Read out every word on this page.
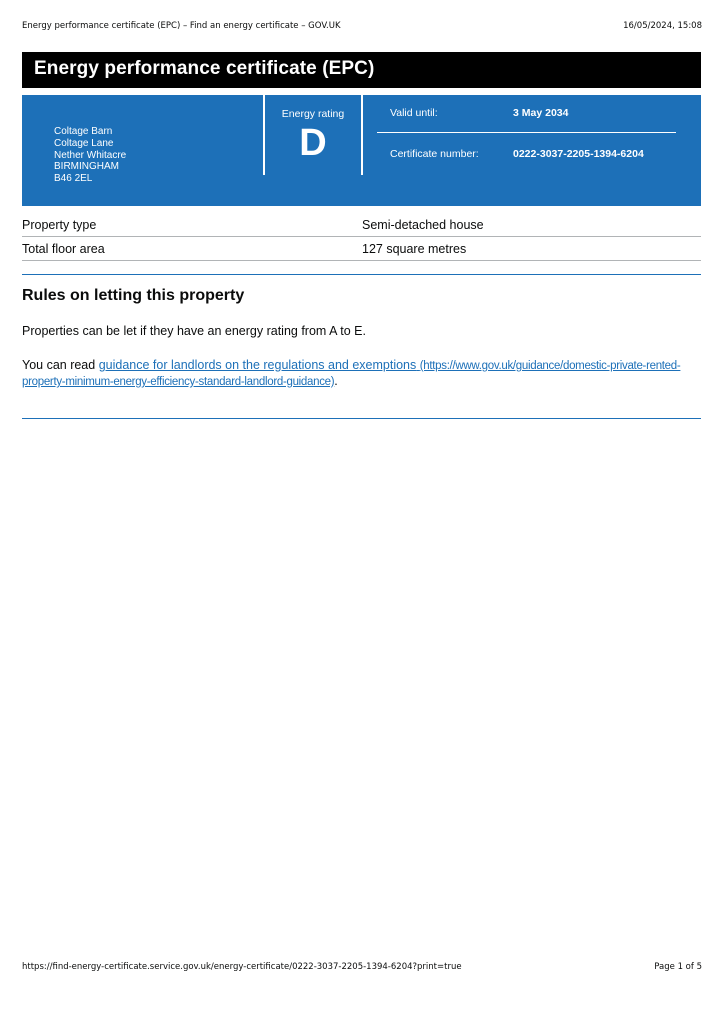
Energy performance certificate (EPC) – Find an energy certificate – GOV.UK	16/05/2024, 15:08
Energy performance certificate (EPC)
Coltage Barn
Coltage Lane
Nether Whitacre
BIRMINGHAM
B46 2EL
Energy rating
D
Valid until:	3 May 2034
Certificate number:	0222-3037-2205-1394-6204
Property type	Semi-detached house
Total floor area	127 square metres
Rules on letting this property

Properties can be let if they have an energy rating from A to E.

You can read guidance for landlords on the regulations and exemptions (https://www.gov.uk/guidance/domestic-private-rented-property-minimum-energy-efficiency-standard-landlord-guidance).

https://find-energy-certificate.service.gov.uk/energy-certificate/0222-3037-2205-1394-6204?print=true	Page 1 of 5
